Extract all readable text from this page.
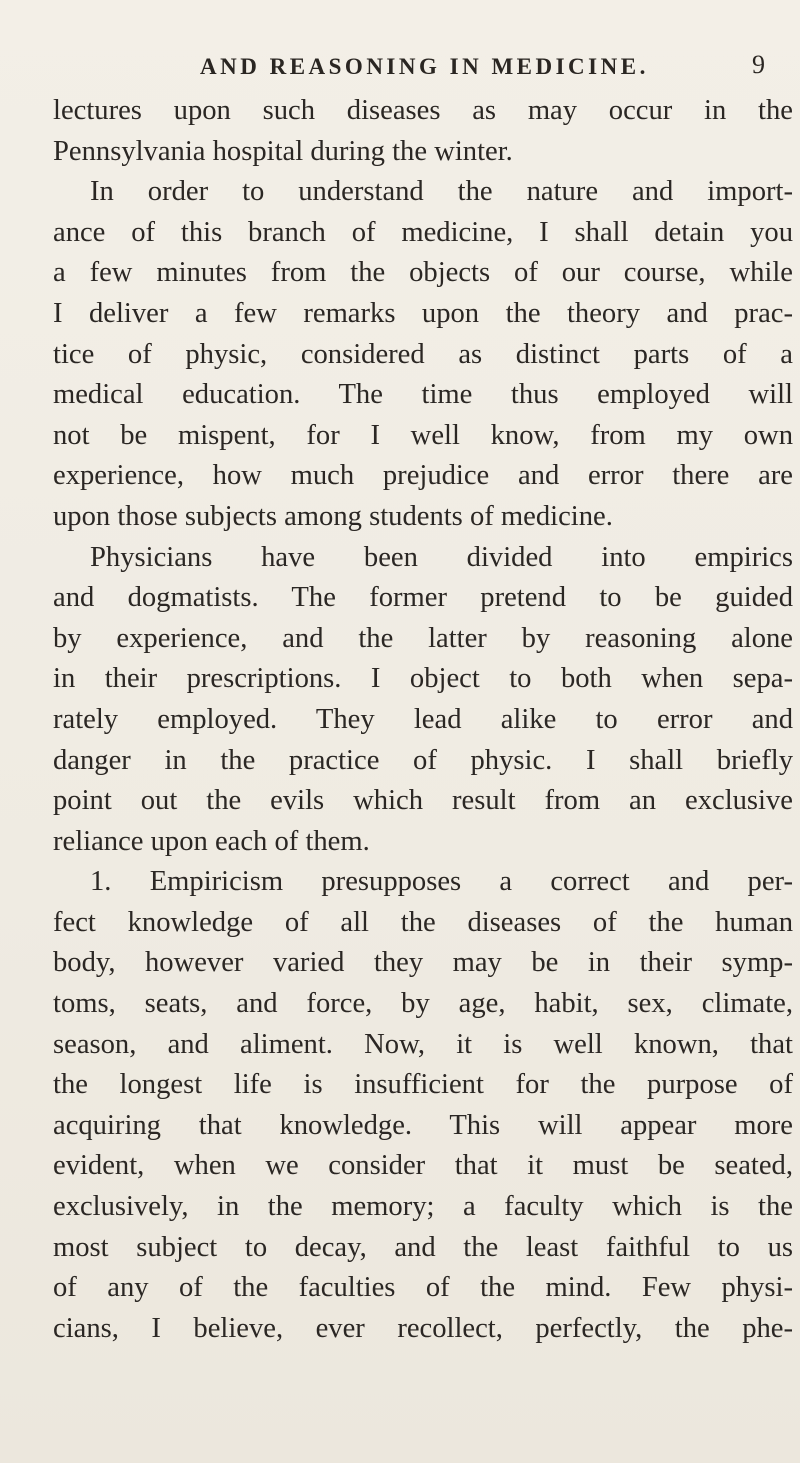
AND REASONING IN MEDICINE.	9
lectures upon such diseases as may occur in the
Pennsylvania hospital during the winter.
In order to understand the nature and import-
ance of this branch of medicine, I shall detain you
a few minutes from the objects of our course, while
I deliver a few remarks upon the theory and prac-
tice of physic, considered as distinct parts of a
medical education. The time thus employed will
not be mispent, for I well know, from my own
experience, how much prejudice and error there are
upon those subjects among students of medicine.
Physicians have been divided into empirics
and dogmatists. The former pretend to be guided
by experience, and the latter by reasoning alone
in their prescriptions. I object to both when sepa-
rately employed. They lead alike to error and
danger in the practice of physic. I shall briefly
point out the evils which result from an exclusive
reliance upon each of them.
1. Empiricism presupposes a correct and per-
fect knowledge of all the diseases of the human
body, however varied they may be in their symp-
toms, seats, and force, by age, habit, sex, climate,
season, and aliment. Now, it is well known, that
the longest life is insufficient for the purpose of
acquiring that knowledge. This will appear more
evident, when we consider that it must be seated,
exclusively, in the memory; a faculty which is the
most subject to decay, and the least faithful to us
of any of the faculties of the mind. Few physi-
cians, I believe, ever recollect, perfectly, the phe-
